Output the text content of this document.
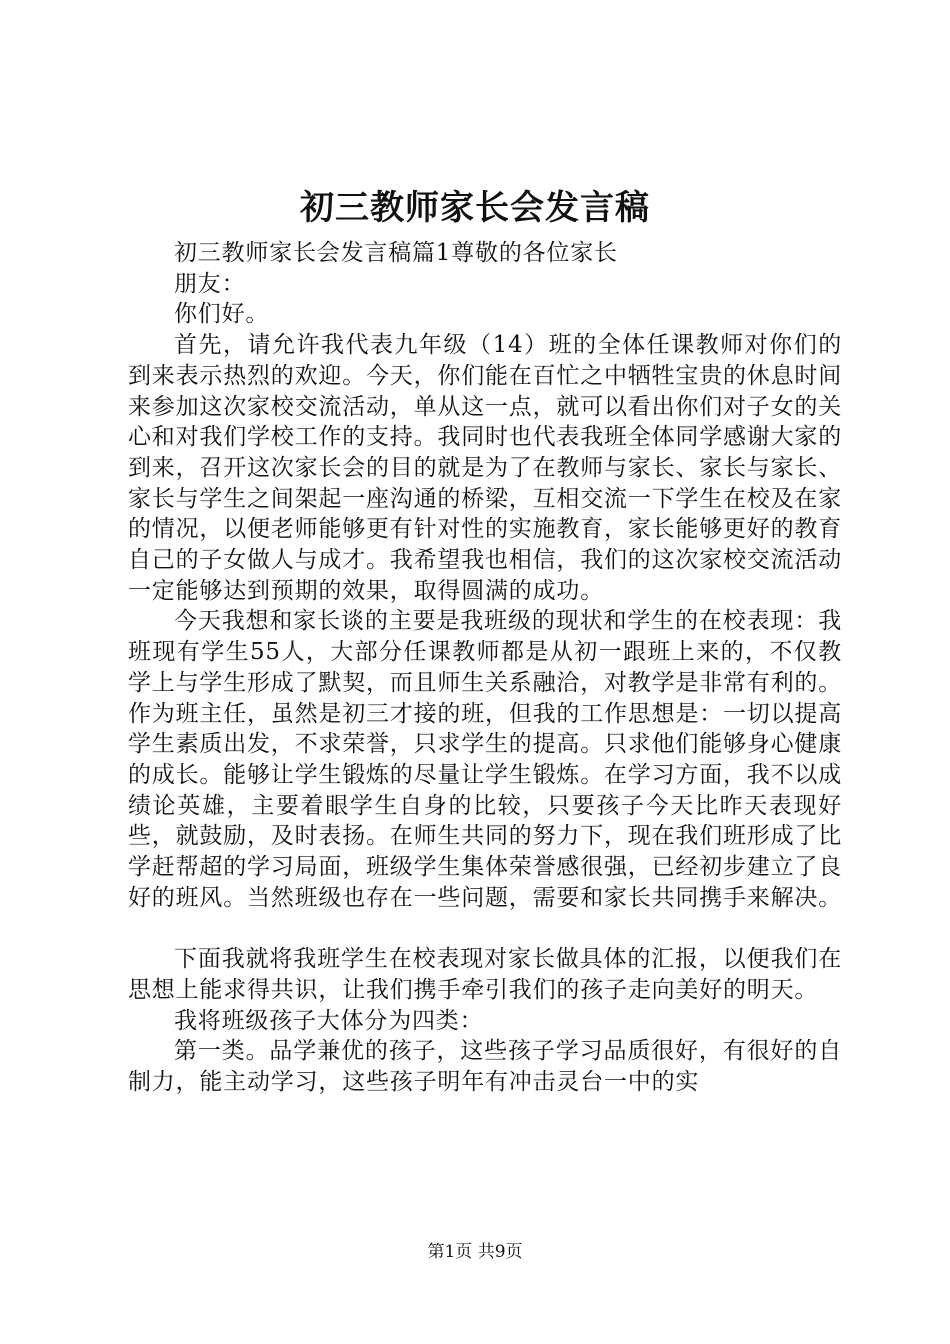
初三教师家长会发言稿

初三教师家长会发言稿篇1尊敬的各位家长

朋友：

你们好。

首先，请允许我代表九年级（14）班的全体任课教师对你们的到来表示热烈的欢迎。今天，你们能在百忙之中牺牲宝贵的休息时间来参加这次家校交流活动，单从这一点，就可以看出你们对子女的关心和对我们学校工作的支持。我同时也代表我班全体同学感谢大家的到来，召开这次家长会的目的就是为了在教师与家长、家长与家长、家长与学生之间架起一座沟通的桥梁，互相交流一下学生在校及在家的情况，以便老师能够更有针对性的实施教育，家长能够更好的教育自己的子女做人与成才。我希望我也相信，我们的这次家校交流活动一定能够达到预期的效果，取得圆满的成功。

今天我想和家长谈的主要是我班级的现状和学生的在校表现：我班现有学生55人，大部分任课教师都是从初一跟班上来的，不仅教学上与学生形成了默契，而且师生关系融洽，对教学是非常有利的。作为班主任，虽然是初三才接的班，但我的工作思想是：一切以提高学生素质出发，不求荣誉，只求学生的提高。只求他们能够身心健康的成长。能够让学生锻炼的尽量让学生锻炼。在学习方面，我不以成绩论英雄，主要着眼学生自身的比较，只要孩子今天比昨天表现好些，就鼓励，及时表扬。在师生共同的努力下，现在我们班形成了比学赶帮超的学习局面，班级学生集体荣誉感很强，已经初步建立了良好的班风。当然班级也存在一些问题，需要和家长共同携手来解决。

下面我就将我班学生在校表现对家长做具体的汇报，以便我们在思想上能求得共识，让我们携手牵引我们的孩子走向美好的明天。

我将班级孩子大体分为四类：

第一类。品学兼优的孩子，这些孩子学习品质很好，有很好的自制力，能主动学习，这些孩子明年有冲击灵台一中的实

第1页 共9页
